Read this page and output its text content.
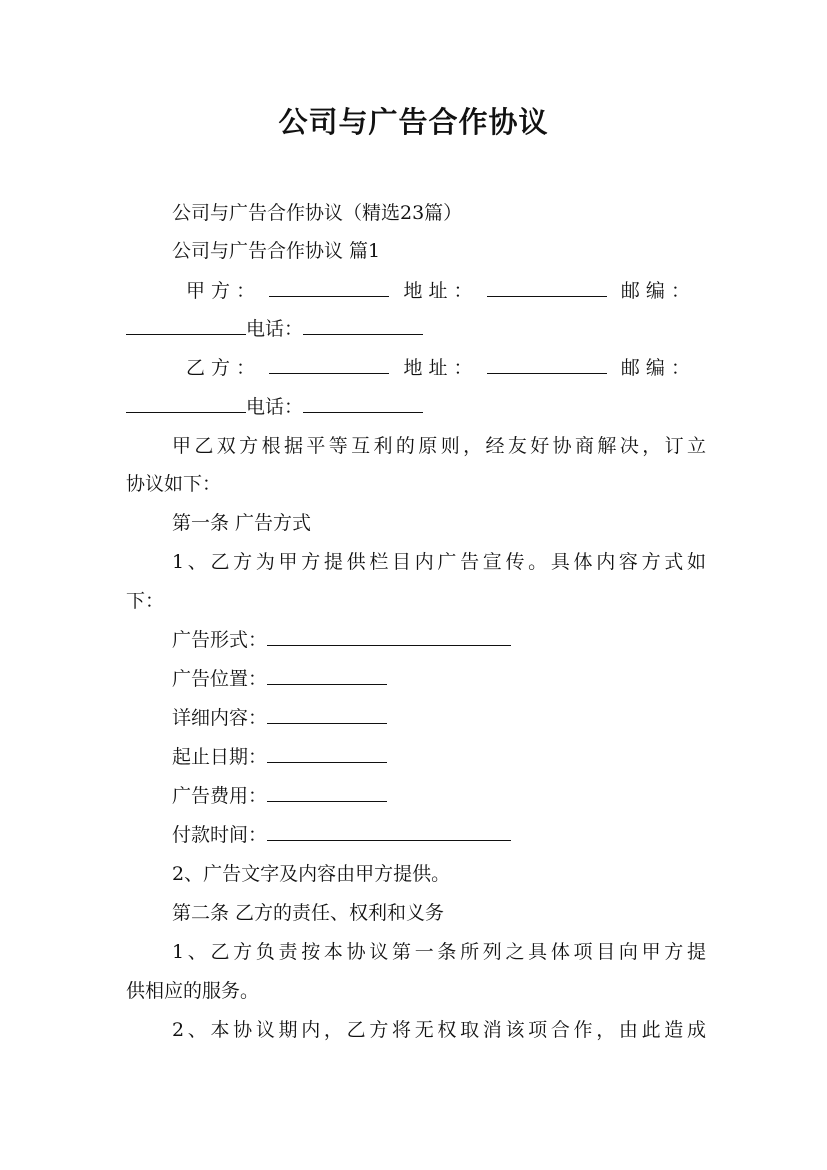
公司与广告合作协议
公司与广告合作协议（精选23篇）
公司与广告合作协议 篇1
甲 方 ：	地 址 ：	邮 编 ：
电话：
乙 方 ：	地 址 ：	邮 编 ：
电话：
甲乙双方根据平等互利的原则，经友好协商解决，订立
协议如下：
第一条 广告方式
1、乙方为甲方提供栏目内广告宣传。具体内容方式如
下：
广告形式：
广告位置：
详细内容：
起止日期：
广告费用：
付款时间：
2、广告文字及内容由甲方提供。
第二条 乙方的责任、权利和义务
1、乙方负责按本协议第一条所列之具体项目向甲方提
供相应的服务。
2、本协议期内，乙方将无权取消该项合作，由此造成
